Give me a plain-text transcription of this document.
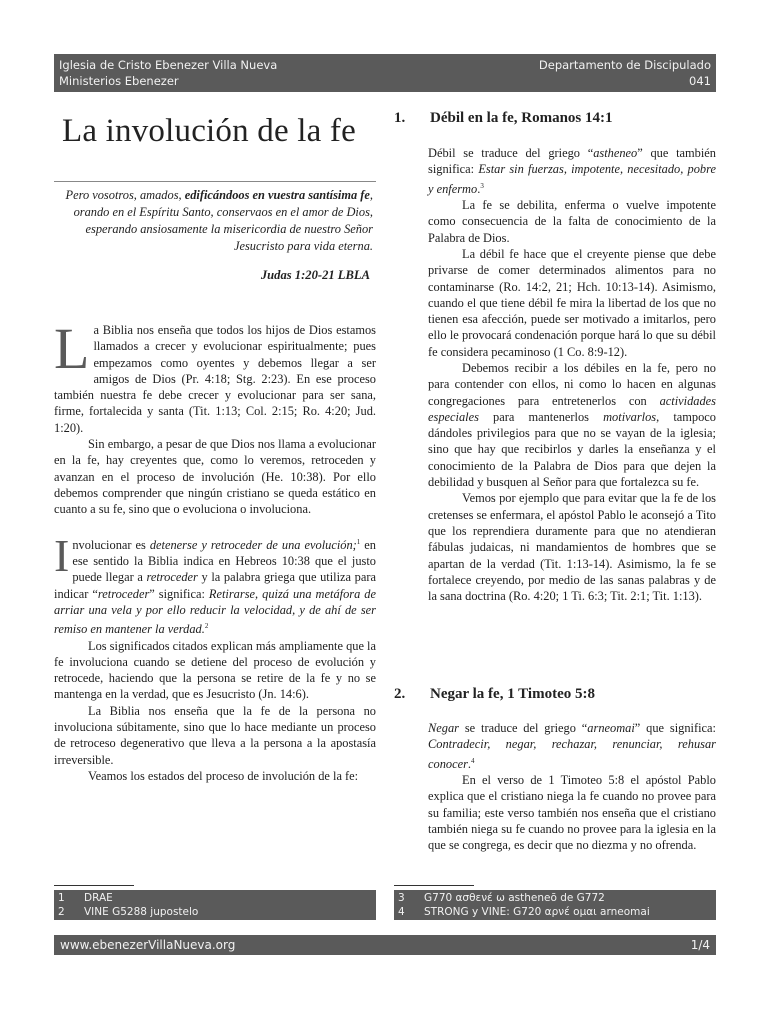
Iglesia de Cristo Ebenezer Villa Nueva
Ministerios Ebenezer
Departamento de Discipulado
041
La involución de la fe
Pero vosotros, amados, edificándoos en vuestra santísima fe, orando en el Espíritu Santo, conservaos en el amor de Dios, esperando ansiosamente la misericordia de nuestro Señor Jesucristo para vida eterna.
Judas 1:20-21 LBLA

La Biblia nos enseña que todos los hijos de Dios estamos llamados a crecer y evolucionar espiritualmente; pues empezamos como oyentes y debemos llegar a ser amigos de Dios (Pr. 4:18; Stg. 2:23). En ese proceso también nuestra fe debe crecer y evolucionar para ser sana, firme, fortalecida y santa (Tit. 1:13; Col. 2:15; Ro. 4:20; Jud. 1:20).

Sin embargo, a pesar de que Dios nos llama a evolucionar en la fe, hay creyentes que, como lo veremos, retroceden y avanzan en el proceso de involución (He. 10:38). Por ello debemos comprender que ningún cristiano se queda estático en cuanto a su fe, sino que o evoluciona o involuciona.

Involucionar es detenerse y retroceder de una evolución;$^1$ en ese sentido la Biblia indica en Hebreos 10:38 que el justo puede llegar a retroceder y la palabra griega que utiliza para indicar “retroceder” significa: Retirarse, quizá una metáfora de arriar una vela y por ello reducir la velocidad, y de ahí de ser remiso en mantener la verdad.$^2$

Los significados citados explican más ampliamente que la fe involuciona cuando se detiene del proceso de evolución y retrocede, haciendo que la persona se retire de la fe y no se mantenga en la verdad, que es Jesucristo (Jn. 14:6).

La Biblia nos enseña que la fe de la persona no involuciona súbitamente, sino que lo hace mediante un proceso de retroceso degenerativo que lleva a la persona a la apostasía irreversible.

Veamos los estados del proceso de involución de la fe:

1. Débil en la fe, Romanos 14:1

Débil se traduce del griego “astheneo” que también significa: Estar sin fuerzas, impotente, necesitado, pobre y enfermo.$^3$

La fe se debilita, enferma o vuelve impotente como consecuencia de la falta de conocimiento de la Palabra de Dios.

La débil fe hace que el creyente piense que debe privarse de comer determinados alimentos para no contaminarse (Ro. 14:2, 21; Hch. 10:13-14). Asimismo, cuando el que tiene débil fe mira la libertad de los que no tienen esa afección, puede ser motivado a imitarlos, pero ello le provocará condenación porque hará lo que su débil fe considera pecaminoso (1 Co. 8:9-12).

Debemos recibir a los débiles en la fe, pero no para contender con ellos, ni como lo hacen en algunas congregaciones para entretenerlos con actividades especiales para mantenerlos motivarlos, tampoco dándoles privilegios para que no se vayan de la iglesia; sino que hay que recibirlos y darles la enseñanza y el conocimiento de la Palabra de Dios para que dejen la debilidad y busquen al Señor para que fortalezca su fe.

Vemos por ejemplo que para evitar que la fe de los cretenses se enfermara, el apóstol Pablo le aconsejó a Tito que los reprendiera duramente para que no atendieran fábulas judaicas, ni mandamientos de hombres que se apartan de la verdad (Tit. 1:13-14). Asimismo, la fe se fortalece creyendo, por medio de las sanas palabras y de la sana doctrina (Ro. 4:20; 1 Ti. 6:3; Tit. 2:1; Tit. 1:13).

2. Negar la fe, 1 Timoteo 5:8

Negar se traduce del griego “arneomai” que significa: Contradecir, negar, rechazar, renunciar, rehusar conocer.$^4$

En el verso de 1 Timoteo 5:8 el apóstol Pablo explica que el cristiano niega la fe cuando no provee para su familia; este verso también nos enseña que el cristiano también niega su fe cuando no provee para la iglesia en la que se congrega, es decir que no diezma y no ofrenda.

1 DRAE
2 VINE G5288 jupostelo
3 G770 ασθενέ ω astheneō de G772
4 STRONG y VINE: G720 αρνέ ομαι arneomai
www.ebenezerVillaNueva.org	1/4
